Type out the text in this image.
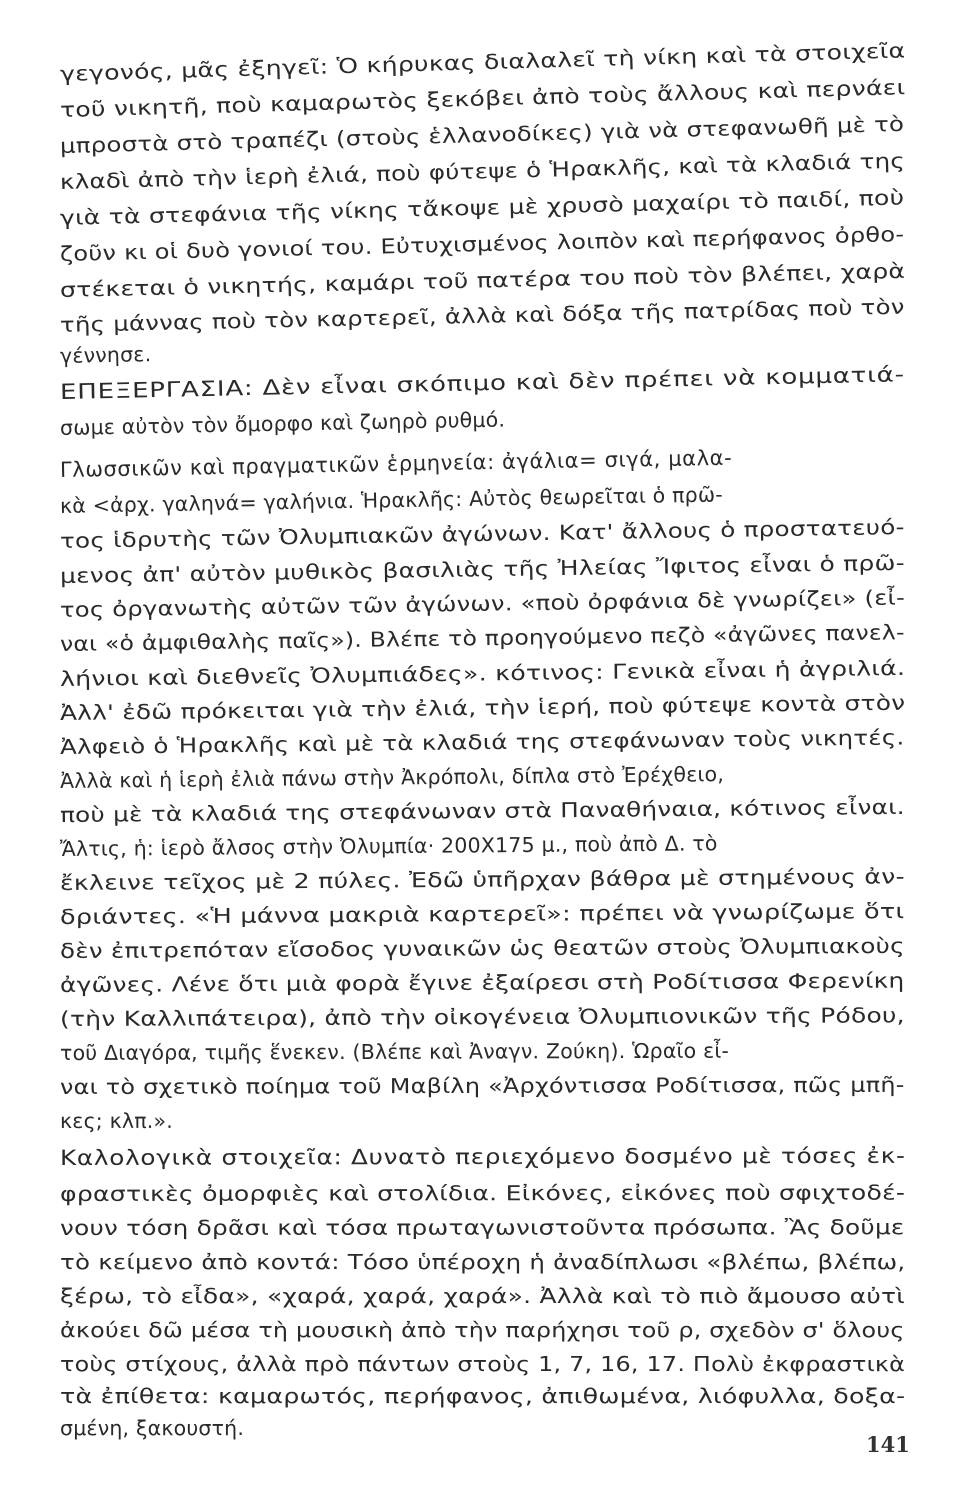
γεγονός, μᾶς ἐξηγεῖ: Ὁ κήρυκας διαλαλεῖ τὴ νίκη καὶ τὰ στοιχεῖα
τοῦ νικητῆ, ποὺ καμαρωτὸς ξεκόβει ἀπὸ τοὺς ἄλλους καὶ περνάει
μπροστὰ στὸ τραπέζι (στοὺς ἑλλανοδίκες) γιὰ νὰ στεφανωθῆ μὲ τὸ
κλαδὶ ἀπὸ τὴν ἱερὴ ἐλιά, ποὺ φύτεψε ὁ Ἡρακλῆς, καὶ τὰ κλαδιά της
γιὰ τὰ στεφάνια τῆς νίκης τἄκοψε μὲ χρυσὸ μαχαίρι τὸ παιδί, ποὺ
ζοῦν κι οἱ δυὸ γονιοί του. Εὐτυχισμένος λοιπὸν καὶ περήφανος ὀρθο-
στέκεται ὁ νικητής, καμάρι τοῦ πατέρα του ποὺ τὸν βλέπει, χαρὰ
τῆς μάννας ποὺ τὸν καρτερεῖ, ἀλλὰ καὶ δόξα τῆς πατρίδας ποὺ τὸν
γέννησε.
ΕΠΕΞΕΡΓΑΣΙΑ: Δὲν εἶναι σκόπιμο καὶ δὲν πρέπει νὰ κομματιά-
σωμε αὐτὸν τὸν ὄμορφο καὶ ζωηρὸ ρυθμό.
Γλωσσικῶν καὶ πραγματικῶν ἑρμηνεία: ἀγάλια= σιγά, μαλα-
κὰ <ἀρχ. γαληνά= γαλήνια. Ἡρακλῆς: Αὐτὸς θεωρεῖται ὁ πρῶ-
τος ἱδρυτὴς τῶν Ὀλυμπιακῶν ἀγώνων. Κατ' ἄλλους ὁ προστατευό-
μενος ἀπ' αὐτὸν μυθικὸς βασιλιὰς τῆς Ἠλείας Ἴφιτος εἶναι ὁ πρῶ-
τος ὀργανωτὴς αὐτῶν τῶν ἀγώνων. «ποὺ ὀρφάνια δὲ γνωρίζει» (εἶ-
ναι «ὁ ἀμφιθαλὴς παῖς»). Βλέπε τὸ προηγούμενο πεζὸ «ἀγῶνες πανελ-
λήνιοι καὶ διεθνεῖς Ὀλυμπιάδες». κότινος: Γενικὰ εἶναι ἡ ἀγριλιά.
Ἀλλ' ἐδῶ πρόκειται γιὰ τὴν ἐλιά, τὴν ἱερή, ποὺ φύτεψε κοντὰ στὸν
Ἀλφειὸ ὁ Ἡρακλῆς καὶ μὲ τὰ κλαδιά της στεφάνωναν τοὺς νικητές.
Ἀλλὰ καὶ ἡ ἱερὴ ἐλιὰ πάνω στὴν Ἀκρόπολι, δίπλα στὸ Ἐρέχθειο,
ποὺ μὲ τὰ κλαδιά της στεφάνωναν στὰ Παναθήναια, κότινος εἶναι.
Ἄλτις, ἡ: ἱερὸ ἄλσος στὴν Ὀλυμπία· 200Χ175 μ., ποὺ ἀπὸ Δ. τὸ
ἔκλεινε τεῖχος μὲ 2 πύλες. Ἐδῶ ὑπῆρχαν βάθρα μὲ στημένους ἀν-
δριάντες. «Ἡ μάννα μακριὰ καρτερεῖ»: πρέπει νὰ γνωρίζωμε ὅτι
δὲν ἐπιτρεπόταν εἴσοδος γυναικῶν ὡς θεατῶν στοὺς Ὀλυμπιακοὺς
ἀγῶνες. Λένε ὅτι μιὰ φορὰ ἔγινε ἐξαίρεσι στὴ Ροδίτισσα Φερενίκη
(τὴν Καλλιπάτειρα), ἀπὸ τὴν οἰκογένεια Ὀλυμπιονικῶν τῆς Ρόδου,
τοῦ Διαγόρα, τιμῆς ἕνεκεν. (Βλέπε καὶ Ἀναγν. Ζούκη). Ὡραῖο εἶ-
ναι τὸ σχετικὸ ποίημα τοῦ Μαβίλη «Ἀρχόντισσα Ροδίτισσα, πῶς μπῆ-
κες; κλπ.».
Καλολογικὰ στοιχεῖα: Δυνατὸ περιεχόμενο δοσμένο μὲ τόσες ἐκ-
φραστικὲς ὀμορφιὲς καὶ στολίδια. Εἰκόνες, εἰκόνες ποὺ σφιχτοδέ-
νουν τόση δρᾶσι καὶ τόσα πρωταγωνιστοῦντα πρόσωπα. Ἂς δοῦμε
τὸ κείμενο ἀπὸ κοντά: Τόσο ὑπέροχη ἡ ἀναδίπλωσι «βλέπω, βλέπω,
ξέρω, τὸ εἶδα», «χαρά, χαρά, χαρά». Ἀλλὰ καὶ τὸ πιὸ ἄμουσο αὐτὶ
ἀκούει δῶ μέσα τὴ μουσικὴ ἀπὸ τὴν παρήχησι τοῦ ρ, σχεδὸν σ' ὅλους
τοὺς στίχους, ἀλλὰ πρὸ πάντων στοὺς 1, 7, 16, 17. Πολὺ ἐκφραστικὰ
τὰ ἐπίθετα: καμαρωτός, περήφανος, ἀπιθωμένα, λιόφυλλα, δοξα-
σμένη, ξακουστή.
141
